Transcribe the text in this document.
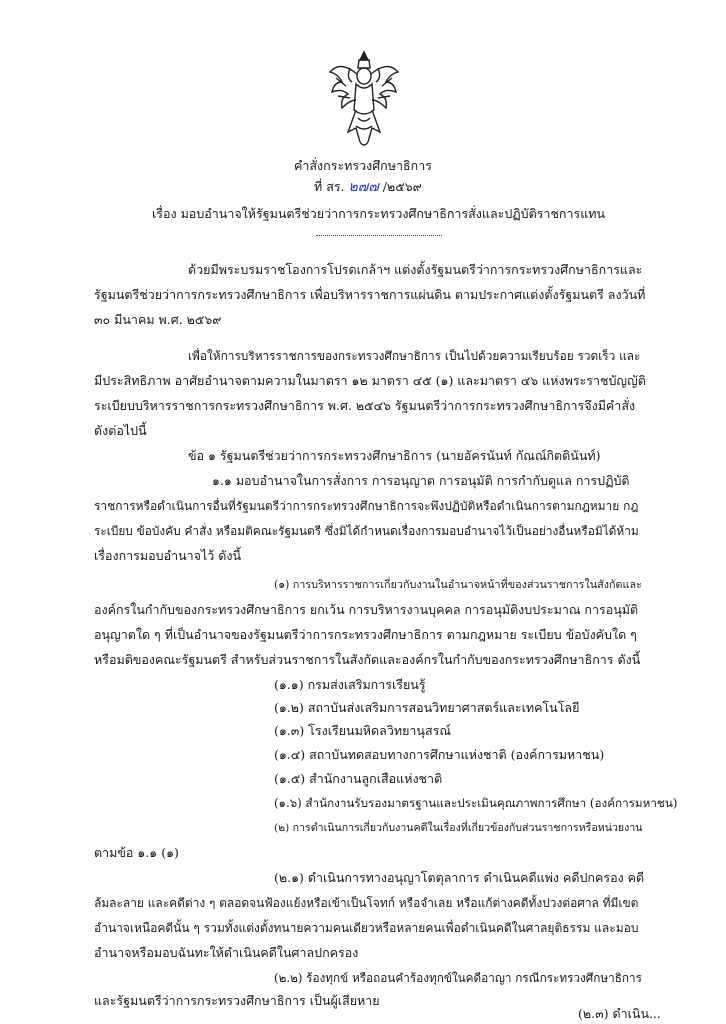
คำสั่งกระทรวงศึกษาธิการ
ที่ สร. ๒๗๗ /๒๕๖๙
เรื่อง มอบอำนาจให้รัฐมนตรีช่วยว่าการกระทรวงศึกษาธิการสั่งและปฏิบัติราชการแทน
ด้วยมีพระบรมราชโองการโปรดเกล้าฯ แต่งตั้งรัฐมนตรีว่าการกระทรวงศึกษาธิการและ
รัฐมนตรีช่วยว่าการกระทรวงศึกษาธิการ เพื่อบริหารราชการแผ่นดิน ตามประกาศแต่งตั้งรัฐมนตรี ลงวันที่
๓๐ มีนาคม พ.ศ. ๒๕๖๙
เพื่อให้การบริหารราชการของกระทรวงศึกษาธิการ เป็นไปด้วยความเรียบร้อย รวดเร็ว และ
มีประสิทธิภาพ อาศัยอำนาจตามความในมาตรา ๑๒ มาตรา ๔๕ (๑) และมาตรา ๔๖ แห่งพระราชบัญญัติ
ระเบียบบริหารราชการกระทรวงศึกษาธิการ พ.ศ. ๒๕๔๖ รัฐมนตรีว่าการกระทรวงศึกษาธิการจึงมีคำสั่ง
ดังต่อไปนี้
ข้อ ๑ รัฐมนตรีช่วยว่าการกระทรวงศึกษาธิการ (นายอัครนันท์ กัณณ์กิตตินันท์)
๑.๑ มอบอำนาจในการสั่งการ การอนุญาต การอนุมัติ การกำกับดูแล การปฏิบัติ
ราชการหรือดำเนินการอื่นที่รัฐมนตรีว่าการกระทรวงศึกษาธิการจะพึงปฏิบัติหรือดำเนินการตามกฎหมาย กฎ
ระเบียบ ข้อบังคับ คำสั่ง หรือมติคณะรัฐมนตรี ซึ่งมิได้กำหนดเรื่องการมอบอำนาจไว้เป็นอย่างอื่นหรือมิได้ห้าม
เรื่องการมอบอำนาจไว้ ดังนี้
(๑) การบริหารราชการเกี่ยวกับงานในอำนาจหน้าที่ของส่วนราชการในสังกัดและ
องค์กรในกำกับของกระทรวงศึกษาธิการ ยกเว้น การบริหารงานบุคคล การอนุมัติงบประมาณ การอนุมัติ
อนุญาตใด ๆ ที่เป็นอำนาจของรัฐมนตรีว่าการกระทรวงศึกษาธิการ ตามกฎหมาย ระเบียบ ข้อบังคับใด ๆ
หรือมติของคณะรัฐมนตรี สำหรับส่วนราชการในสังกัดและองค์กรในกำกับของกระทรวงศึกษาธิการ ดังนี้
(๑.๑) กรมส่งเสริมการเรียนรู้
(๑.๒) สถาบันส่งเสริมการสอนวิทยาศาสตร์และเทคโนโลยี
(๑.๓) โรงเรียนมหิดลวิทยานุสรณ์
(๑.๔) สถาบันทดสอบทางการศึกษาแห่งชาติ (องค์การมหาชน)
(๑.๕) สำนักงานลูกเสือแห่งชาติ
(๑.๖) สำนักงานรับรองมาตรฐานและประเมินคุณภาพการศึกษา (องค์การมหาชน)
(๒) การดำเนินการเกี่ยวกับงานคดีในเรื่องที่เกี่ยวข้องกับส่วนราชการหรือหน่วยงาน
ตามข้อ ๑.๑ (๑)
(๒.๑) ดำเนินการทางอนุญาโตตุลาการ ดำเนินคดีแพ่ง คดีปกครอง คดี
ล้มละลาย และคดีต่าง ๆ ตลอดจนฟ้องแย้งหรือเข้าเป็นโจทก์ หรือจำเลย หรือแก้ต่างคดีทั้งปวงต่อศาล ที่มีเขต
อำนาจเหนือคดีนั้น ๆ รวมทั้งแต่งตั้งทนายความคนเดียวหรือหลายคนเพื่อดำเนินคดีในศาลยุติธรรม และมอบ
อำนาจหรือมอบฉันทะให้ดำเนินคดีในศาลปกครอง
(๒.๒) ร้องทุกข์ หรือถอนคำร้องทุกข์ในคดีอาญา กรณีกระทรวงศึกษาธิการ
และรัฐมนตรีว่าการกระทรวงศึกษาธิการ เป็นผู้เสียหาย
(๒.๓) ดำเนิน...
